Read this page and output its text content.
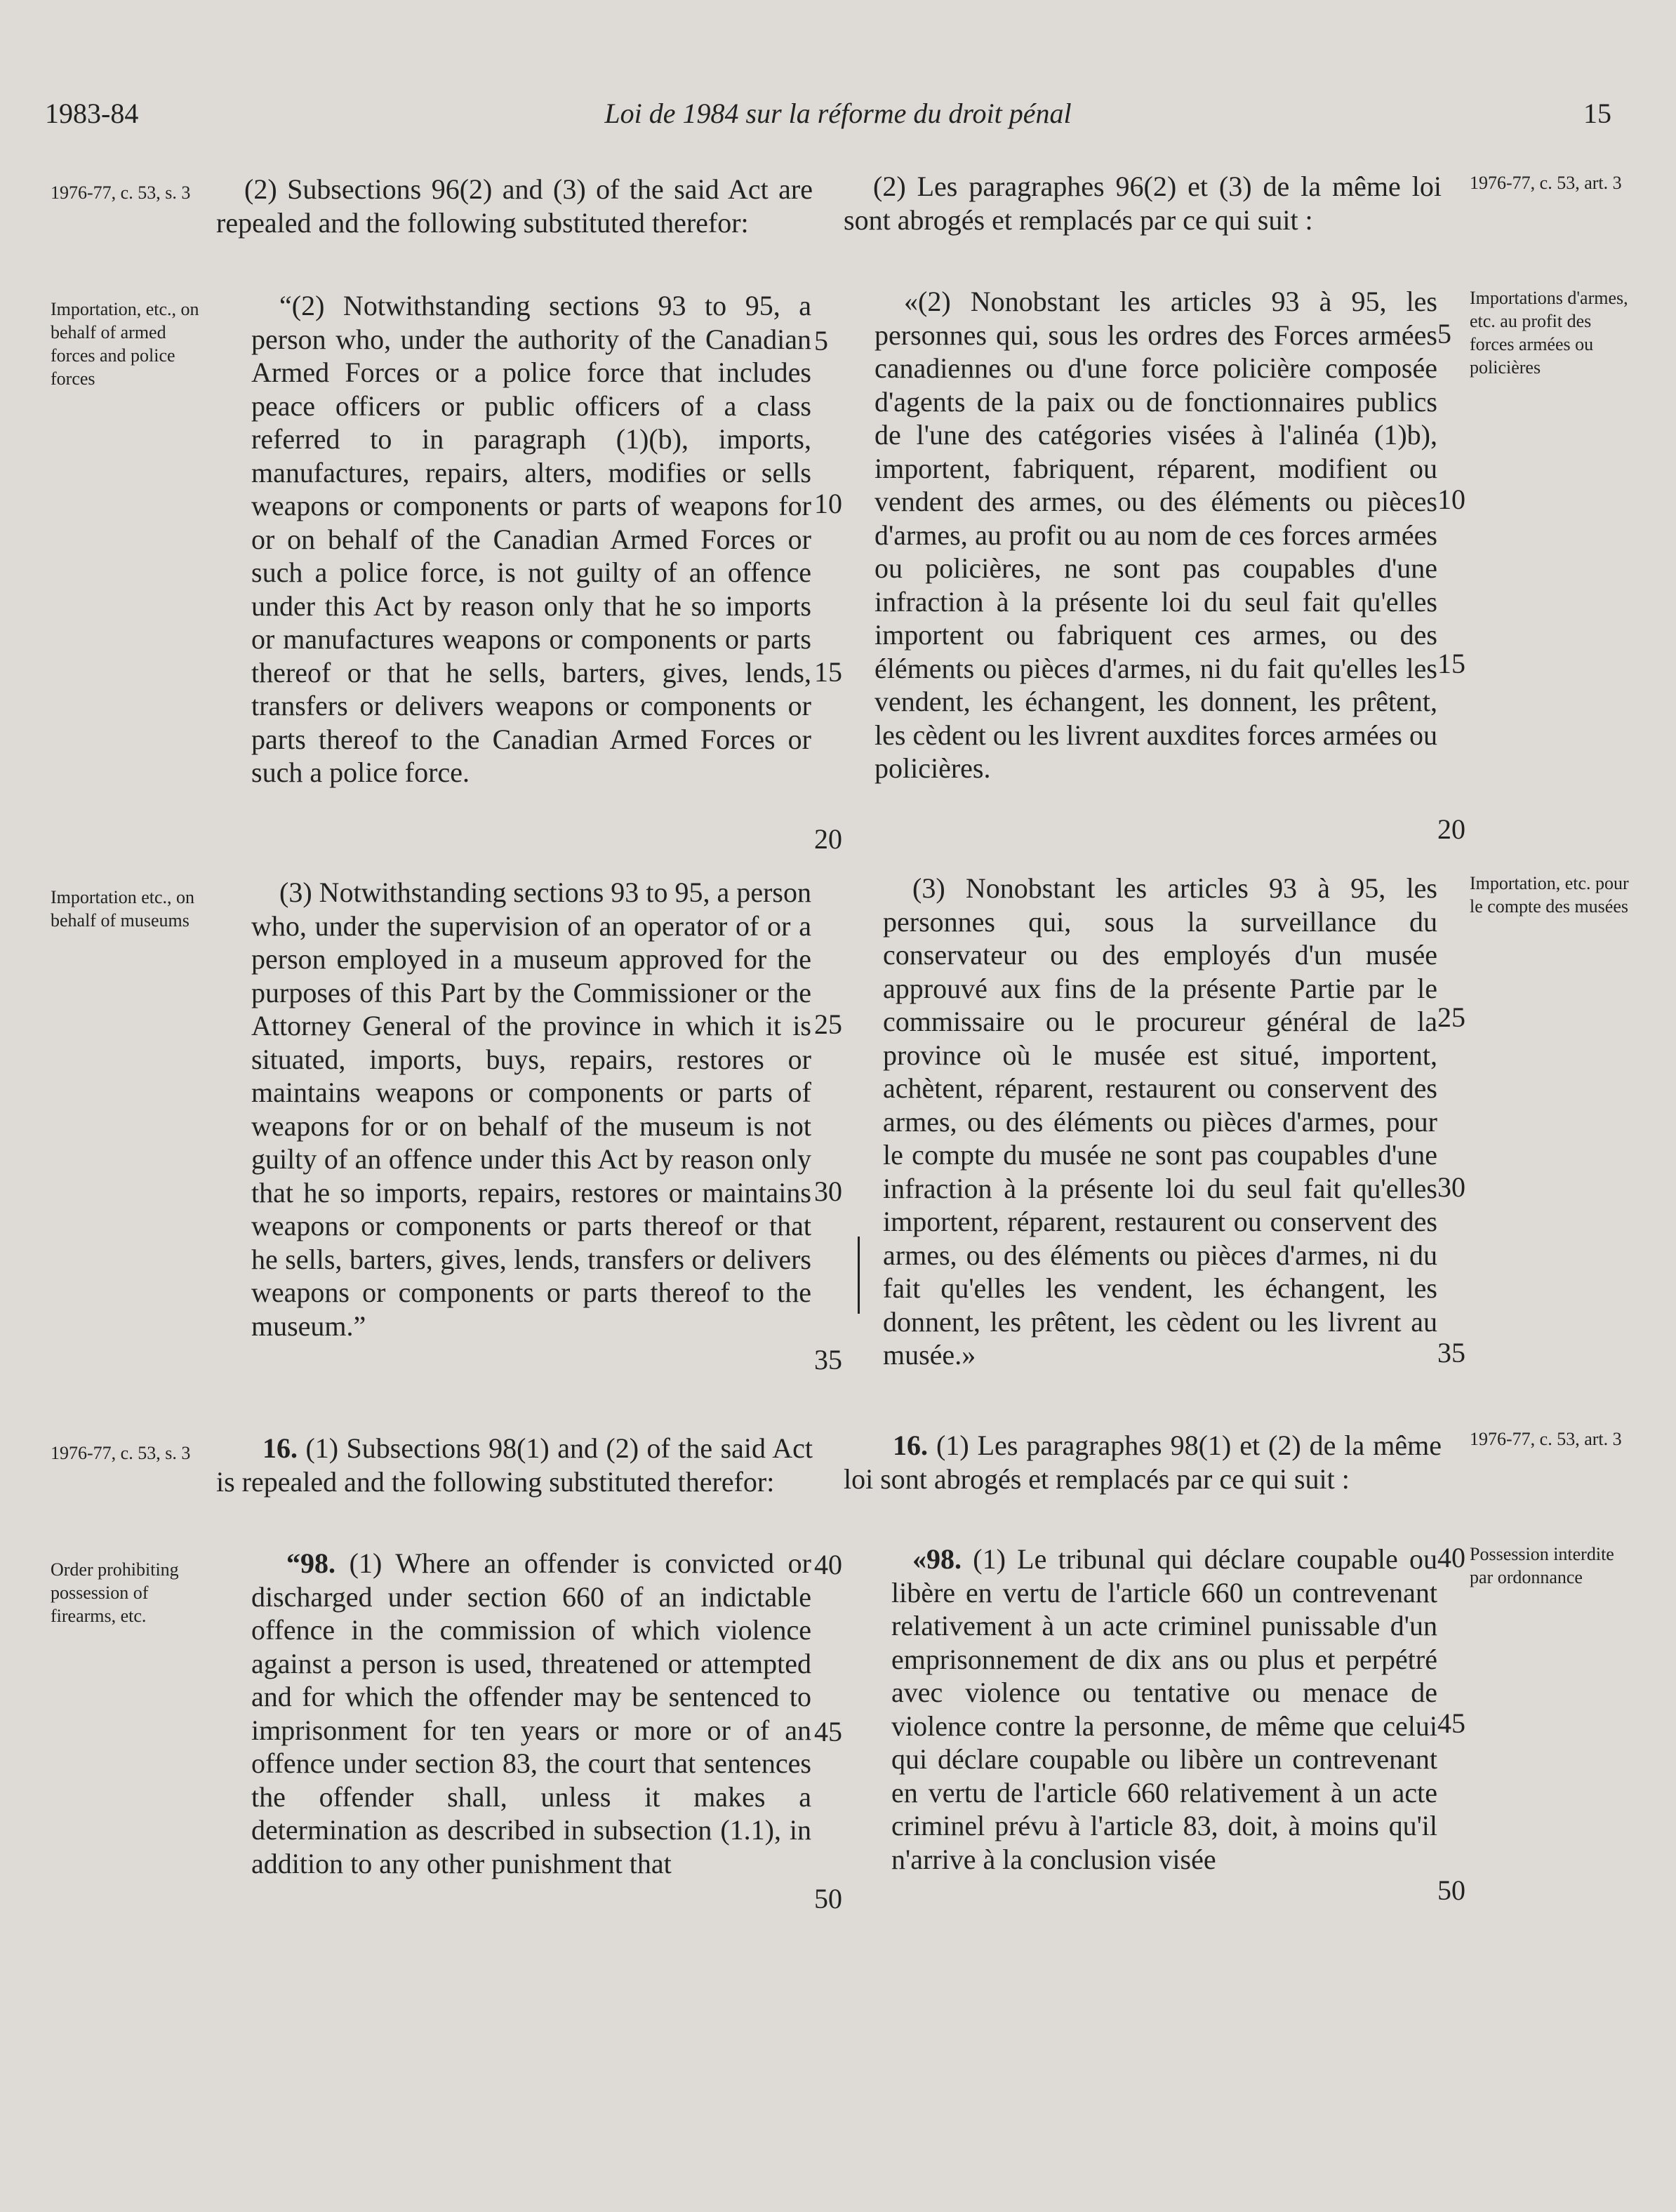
1983-84	Loi de 1984 sur la réforme du droit pénal	15
1976-77, c. 53, s. 3
Importation, etc., on behalf of armed forces and police forces
Importation etc., on behalf of museums
1976-77, c. 53, s. 3
Order prohibiting possession of firearms, etc.
1976-77, c. 53, art. 3
Importations d'armes, etc. au profit des forces armées ou policières
Importation, etc. pour le compte des musées
1976-77, c. 53, art. 3
Possession interdite par ordonnance
(2) Subsections 96(2) and (3) of the said Act are repealed and the following substituted therefor:
“(2) Notwithstanding sections 93 to 95, a person who, under the authority of the Canadian Armed Forces or a police force that includes peace officers or public officers of a class referred to in paragraph (1)(b), imports, manufactures, repairs, alters, modifies or sells weapons or components or parts of weapons for or on behalf of the Canadian Armed Forces or such a police force, is not guilty of an offence under this Act by reason only that he so imports or manufactures weapons or components or parts thereof or that he sells, barters, gives, lends, transfers or delivers weapons or components or parts thereof to the Canadian Armed Forces or such a police force.
(3) Notwithstanding sections 93 to 95, a person who, under the supervision of an operator of or a person employed in a museum approved for the purposes of this Part by the Commissioner or the Attorney General of the province in which it is situated, imports, buys, repairs, restores or maintains weapons or components or parts of weapons for or on behalf of the museum is not guilty of an offence under this Act by reason only that he so imports, repairs, restores or maintains weapons or components or parts thereof or that he sells, barters, gives, lends, transfers or delivers weapons or components or parts thereof to the museum.”
16. (1) Subsections 98(1) and (2) of the said Act is repealed and the following substituted therefor:
“98. (1) Where an offender is convicted or discharged under section 660 of an indictable offence in the commission of which violence against a person is used, threatened or attempted and for which the offender may be sentenced to imprisonment for ten years or more or of an offence under section 83, the court that sentences the offender shall, unless it makes a determination as described in subsection (1.1), in addition to any other punishment that
(2) Les paragraphes 96(2) et (3) de la même loi sont abrogés et remplacés par ce qui suit :
«(2) Nonobstant les articles 93 à 95, les personnes qui, sous les ordres des Forces armées canadiennes ou d'une force policière composée d'agents de la paix ou de fonctionnaires publics de l'une des catégories visées à l'alinéa (1)b), importent, fabriquent, réparent, modifient ou vendent des armes, ou des éléments ou pièces d'armes, au profit ou au nom de ces forces armées ou policières, ne sont pas coupables d'une infraction à la présente loi du seul fait qu'elles importent ou fabriquent ces armes, ou des éléments ou pièces d'armes, ni du fait qu'elles les vendent, les échangent, les donnent, les prêtent, les cèdent ou les livrent auxdites forces armées ou policières.
(3) Nonobstant les articles 93 à 95, les personnes qui, sous la surveillance du conservateur ou des employés d'un musée approuvé aux fins de la présente Partie par le commissaire ou le procureur général de la province où le musée est situé, importent, achètent, réparent, restaurent ou conservent des armes, ou des éléments ou pièces d'armes, pour le compte du musée ne sont pas coupables d'une infraction à la présente loi du seul fait qu'elles importent, réparent, restaurent ou conservent des armes, ou des éléments ou pièces d'armes, ni du fait qu'elles les vendent, les échangent, les donnent, les prêtent, les cèdent ou les livrent au musée.»
16. (1) Les paragraphes 98(1) et (2) de la même loi sont abrogés et remplacés par ce qui suit :
«98. (1) Le tribunal qui déclare coupable ou libère en vertu de l'article 660 un contrevenant relativement à un acte criminel punissable d'un emprisonnement de dix ans ou plus et perpétré avec violence ou tentative ou menace de violence contre la personne, de même que celui qui déclare coupable ou libère un contrevenant en vertu de l'article 660 relativement à un acte criminel prévu à l'article 83, doit, à moins qu'il n'arrive à la conclusion visée
5
10
15
20
25
30
35
40
45
50
5
10
15
20
25
30
35
40
45
50
